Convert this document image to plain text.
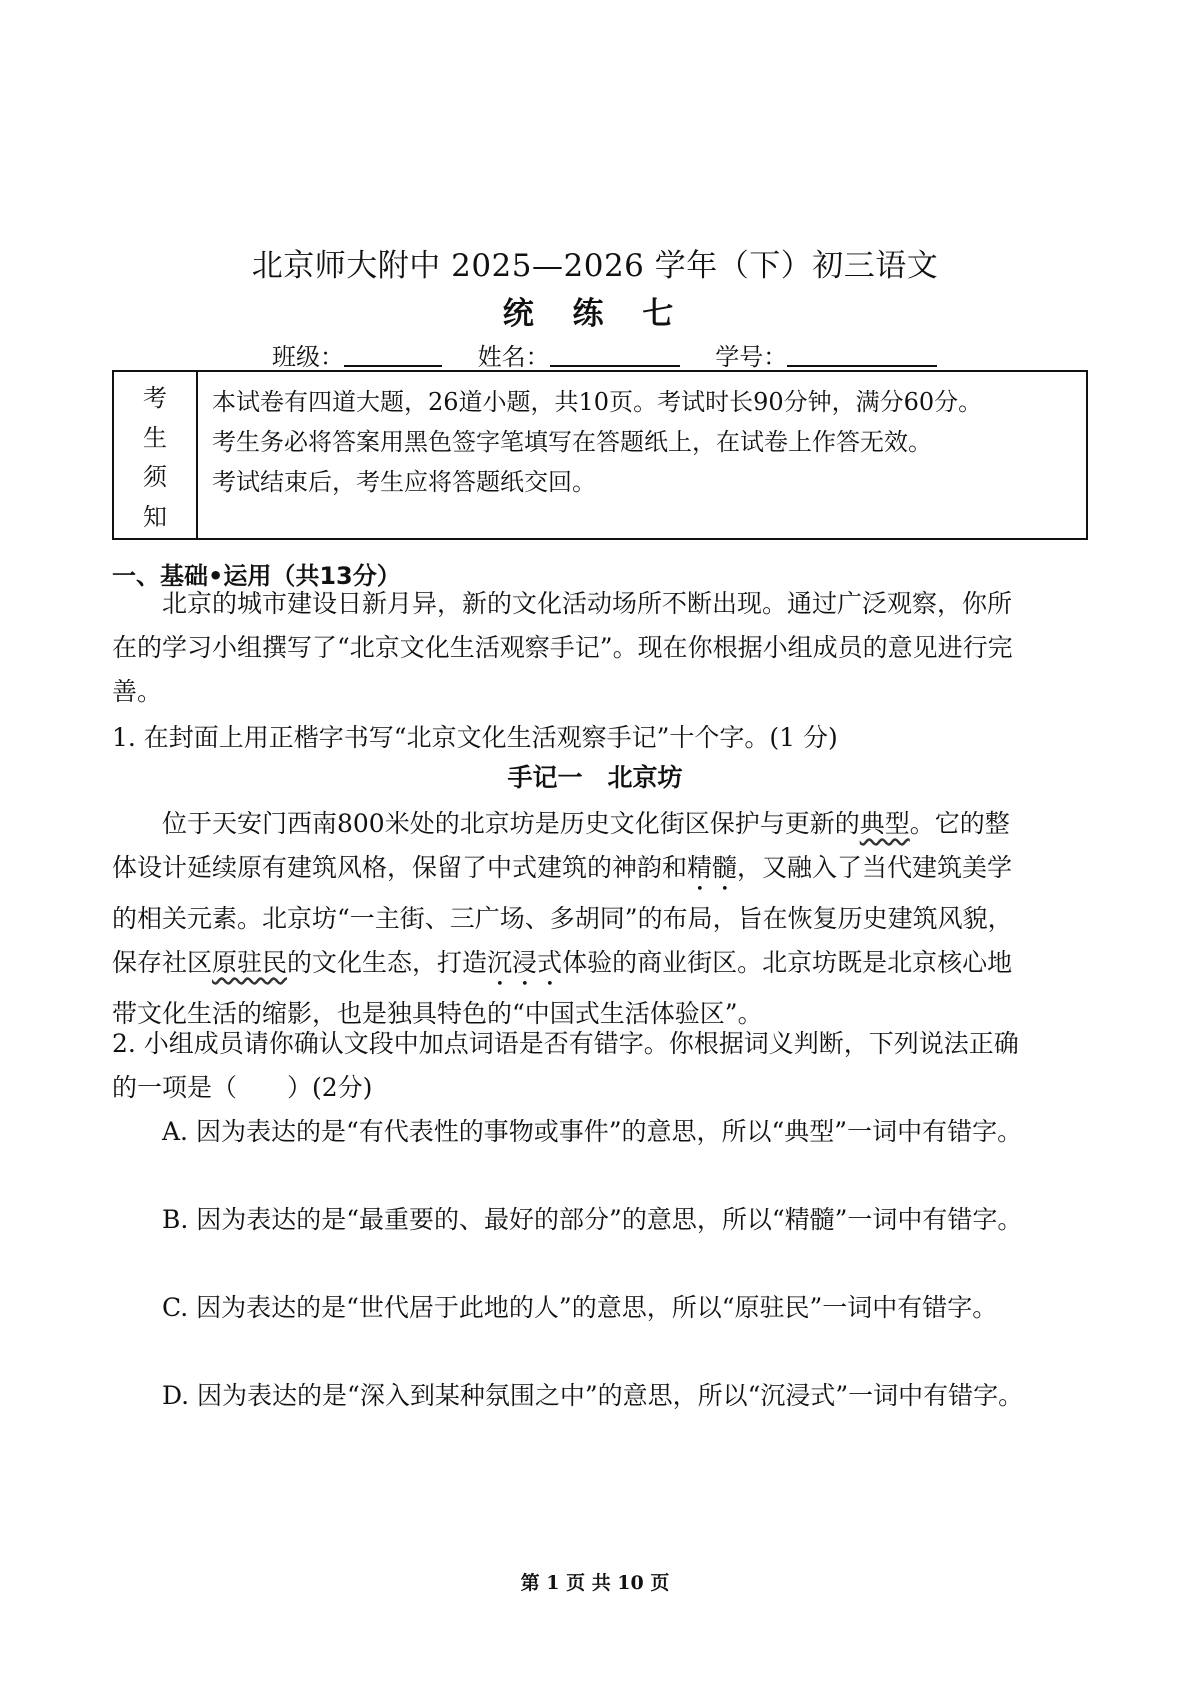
北京师大附中 2025—2026 学年（下）初三语文
统 练 七
班级：	姓名：	学号：
考
生
须
知
本试卷有四道大题，26道小题，共10页。考试时长90分钟，满分60分。
考生务必将答案用黑色签字笔填写在答题纸上，在试卷上作答无效。
考试结束后，考生应将答题纸交回。
一、基础•运用（共13分）
北京的城市建设日新月异，新的文化活动场所不断出现。通过广泛观察，你所在的学习小组撰写了“北京文化生活观察手记”。现在你根据小组成员的意见进行完善。
1. 在封面上用正楷字书写“北京文化生活观察手记”十个字。(1 分)
手记一　北京坊
位于天安门西南800米处的北京坊是历史文化街区保护与更新的典型。它的整体设计延续原有建筑风格，保留了中式建筑的神韵和精髓，又融入了当代建筑美学的相关元素。北京坊“一主街、三广场、多胡同”的布局，旨在恢复历史建筑风貌，保存社区原驻民的文化生态，打造沉浸式体验的商业街区。北京坊既是北京核心地带文化生活的缩影，也是独具特色的“中国式生活体验区”。
2. 小组成员请你确认文段中加点词语是否有错字。你根据词义判断，下列说法正确的一项是（　　）(2分)
A. 因为表达的是“有代表性的事物或事件”的意思，所以“典型”一词中有错字。
B. 因为表达的是“最重要的、最好的部分”的意思，所以“精髓”一词中有错字。
C. 因为表达的是“世代居于此地的人”的意思，所以“原驻民”一词中有错字。
D. 因为表达的是“深入到某种氛围之中”的意思，所以“沉浸式”一词中有错字。
第 1 页 共 10 页
